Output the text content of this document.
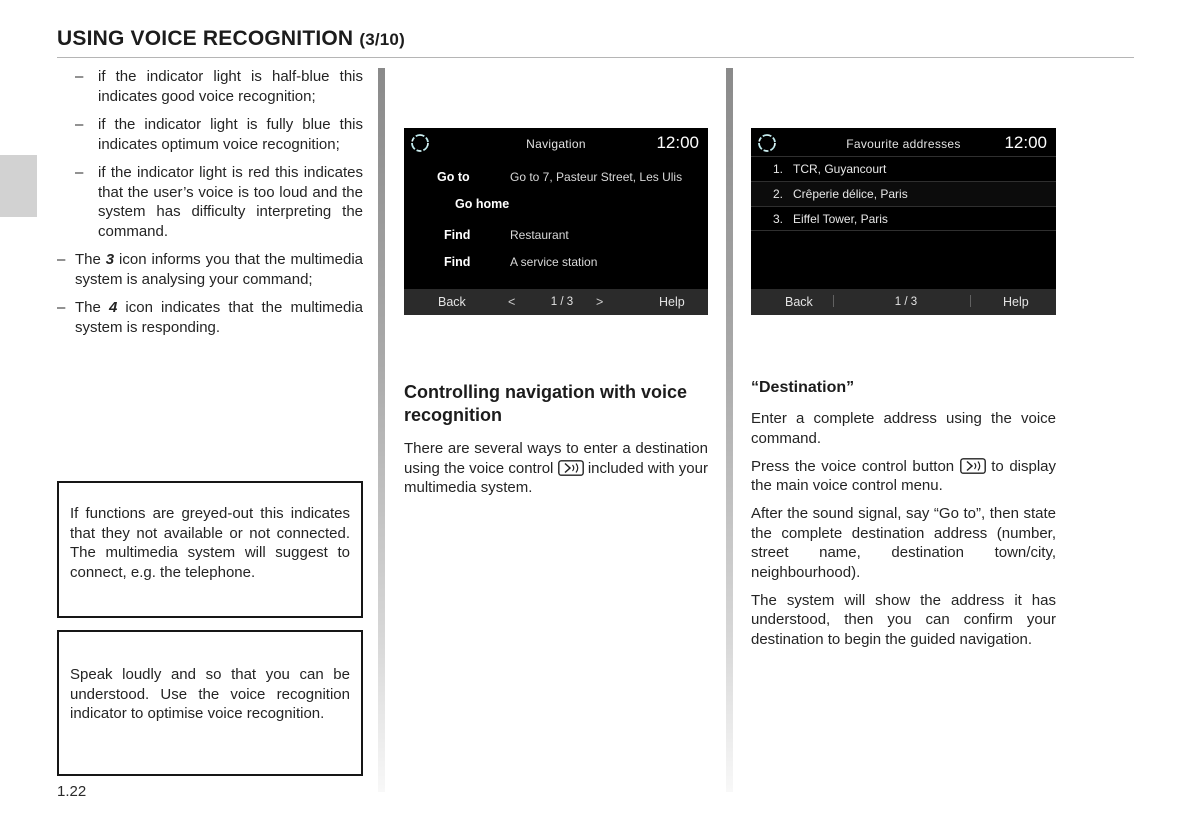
USING VOICE RECOGNITION (3/10)
– if the indicator light is half-blue this indicates good voice recognition;
– if the indicator light is fully blue this indicates optimum voice recognition;
– if the indicator light is red this indicates that the user’s voice is too loud and the system has difficulty interpreting the command.
– The 3 icon informs you that the multimedia system is analysing your command;
– The 4 icon indicates that the multimedia system is responding.

If functions are greyed-out this indicates that they not available or not connected. The multimedia system will suggest to connect, e.g. the telephone.

Speak loudly and so that you can be understood. Use the voice recognition indicator to optimise voice recognition.

Navigation	12:00
Go to	Go to 7, Pasteur Street, Les Ulis
Go home
Find	Restaurant
Find	A service station
Back	<	1 / 3	>	Help
Controlling navigation with voice recognition

There are several ways to enter a destination using the voice control included with your multimedia system.

Favourite addresses	12:00
1. TCR, Guyancourt
2. Crêperie délice, Paris
3. Eiffel Tower, Paris
Back	1 / 3	Help
“Destination”

Enter a complete address using the voice command.

Press the voice control button to display the main voice control menu.

After the sound signal, say “Go to”, then state the complete destination address (number, street name, destination town/city, neighbourhood).

The system will show the address it has understood, then you can confirm your destination to begin the guided navigation.

1.22
